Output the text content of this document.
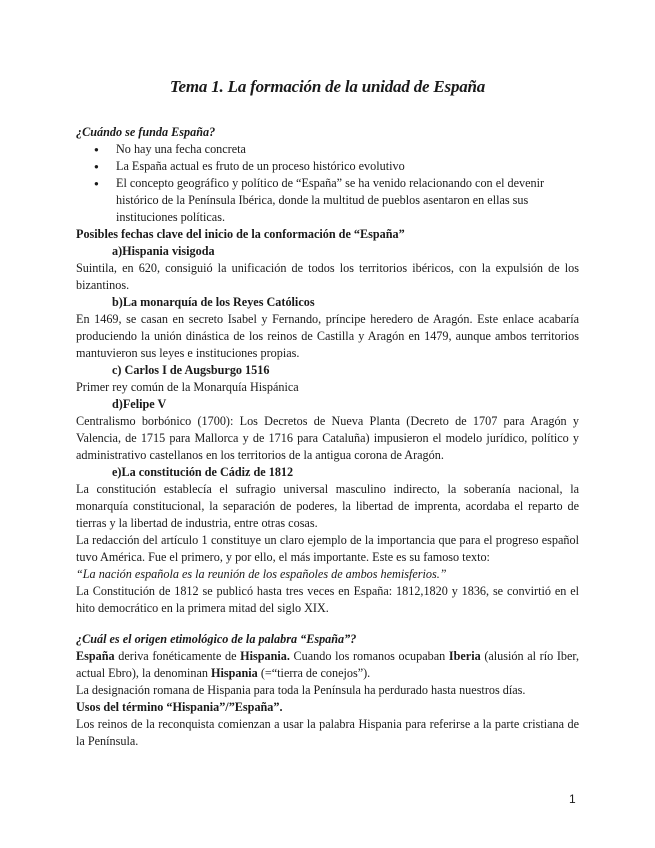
Tema 1. La formación de la unidad de España

¿Cuándo se funda España?

● No hay una fecha concreta
● La España actual es fruto de un proceso histórico evolutivo
● El concepto geográfico y político de “España” se ha venido relacionando con el devenir histórico de la Península Ibérica, donde la multitud de pueblos asentaron en ellas sus instituciones políticas.

Posibles fechas clave del inicio de la conformación de “España”

a)Hispania visigoda

Suintila, en 620, consiguió la unificación de todos los territorios ibéricos, con la expulsión de los bizantinos.

b)La monarquía de los Reyes Católicos

En 1469, se casan en secreto Isabel y Fernando, príncipe heredero de Aragón. Este enlace acabaría produciendo la unión dinástica de los reinos de Castilla y Aragón en 1479, aunque ambos territorios mantuvieron sus leyes e instituciones propias.

c) Carlos I de Augsburgo 1516

Primer rey común de la Monarquía Hispánica

d)Felipe V

Centralismo borbónico (1700): Los Decretos de Nueva Planta (Decreto de 1707 para Aragón y Valencia, de 1715 para Mallorca y de 1716 para Cataluña) impusieron el modelo jurídico, político y administrativo castellanos en los territorios de la antigua corona de Aragón.

e)La constitución de Cádiz de 1812

La constitución establecía el sufragio universal masculino indirecto, la soberanía nacional, la monarquía constitucional, la separación de poderes, la libertad de imprenta, acordaba el reparto de tierras y la libertad de industria, entre otras cosas.

La redacción del artículo 1 constituye un claro ejemplo de la importancia que para el progreso español tuvo América. Fue el primero, y por ello, el más importante. Este es su famoso texto:

“La nación española es la reunión de los españoles de ambos hemisferios.”

La Constitución de 1812 se publicó hasta tres veces en España: 1812,1820 y 1836, se convirtió en el hito democrático en la primera mitad del siglo XIX.

¿Cuál es el origen etimológico de la palabra “España”?

España deriva fonéticamente de Hispania. Cuando los romanos ocupaban Iberia (alusión al río Iber, actual Ebro), la denominan Hispania (=“tierra de conejos”).

La designación romana de Hispania para toda la Península ha perdurado hasta nuestros días.

Usos del término “Hispania”/”España”.

Los reinos de la reconquista comienzan a usar la palabra Hispania para referirse a la parte cristiana de la Península.

1
